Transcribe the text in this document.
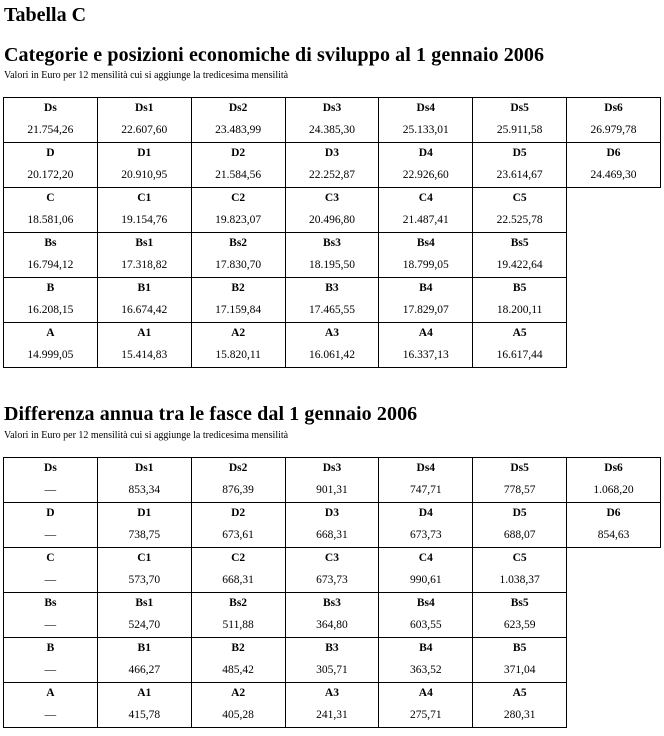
Tabella C
Categorie e posizioni economiche di sviluppo al 1 gennaio 2006
Valori in Euro per 12 mensilità cui si aggiunge la tredicesima mensilità
Ds	Ds1	Ds2	Ds3	Ds4	Ds5	Ds6
21.754,26	22.607,60	23.483,99	24.385,30	25.133,01	25.911,58	26.979,78
D	D1	D2	D3	D4	D5	D6
20.172,20	20.910,95	21.584,56	22.252,87	22.926,60	23.614,67	24.469,30
C	C1	C2	C3	C4	C5	
18.581,06	19.154,76	19.823,07	20.496,80	21.487,41	22.525,78	
Bs	Bs1	Bs2	Bs3	Bs4	Bs5	
16.794,12	17.318,82	17.830,70	18.195,50	18.799,05	19.422,64	
B	B1	B2	B3	B4	B5	
16.208,15	16.674,42	17.159,84	17.465,55	17.829,07	18.200,11	
A	A1	A2	A3	A4	A5	
14.999,05	15.414,83	15.820,11	16.061,42	16.337,13	16.617,44	
Differenza annua tra le fasce dal 1 gennaio 2006
Valori in Euro per 12 mensilità cui si aggiunge la tredicesima mensilità
Ds	Ds1	Ds2	Ds3	Ds4	Ds5	Ds6
—	853,34	876,39	901,31	747,71	778,57	1.068,20
D	D1	D2	D3	D4	D5	D6
—	738,75	673,61	668,31	673,73	688,07	854,63
C	C1	C2	C3	C4	C5	
—	573,70	668,31	673,73	990,61	1.038,37	
Bs	Bs1	Bs2	Bs3	Bs4	Bs5	
—	524,70	511,88	364,80	603,55	623,59	
B	B1	B2	B3	B4	B5	
—	466,27	485,42	305,71	363,52	371,04	
A	A1	A2	A3	A4	A5	
—	415,78	405,28	241,31	275,71	280,31	
